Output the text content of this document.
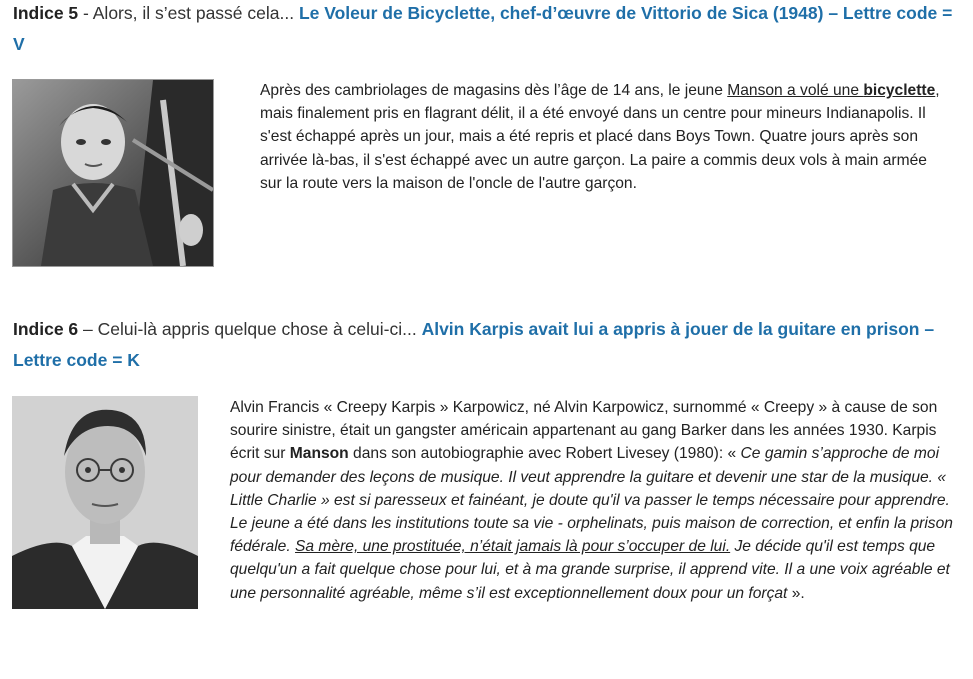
Indice 5 - Alors, il s’est passé cela... Le Voleur de Bicyclette, chef-d’œuvre de Vittorio de Sica (1948) – Lettre code = V
Après des cambriolages de magasins dès l’âge de 14 ans, le jeune Manson a volé une bicyclette, mais finalement pris en flagrant délit, il a été envoyé dans un centre pour mineurs Indianapolis. Il s'est échappé après un jour, mais a été repris et placé dans Boys Town. Quatre jours après son arrivée là-bas, il s'est échappé avec un autre garçon. La paire a commis deux vols à main armée sur la route vers la maison de l'oncle de l'autre garçon.
Indice 6 – Celui-là appris quelque chose à celui-ci... Alvin Karpis avait lui a appris à jouer de la guitare en prison – Lettre code = K
Alvin Francis « Creepy Karpis » Karpowicz, né Alvin Karpowicz, surnommé « Creepy » à cause de son sourire sinistre, était un gangster américain appartenant au gang Barker dans les années 1930. Karpis écrit sur Manson dans son autobiographie avec Robert Livesey (1980): « Ce gamin s’approche de moi pour demander des leçons de musique. Il veut apprendre la guitare et devenir une star de la musique. « Little Charlie » est si paresseux et fainéant, je doute qu'il va passer le temps nécessaire pour apprendre. Le jeune a été dans les institutions toute sa vie - orphelinats, puis maison de correction, et enfin la prison fédérale. Sa mère, une prostituée, n’était jamais là pour s’occuper de lui. Je décide qu'il est temps que quelqu'un a fait quelque chose pour lui, et à ma grande surprise, il apprend vite. Il a une voix agréable et une personnalité agréable, même s’il est exceptionnellement doux pour un forçat ».
